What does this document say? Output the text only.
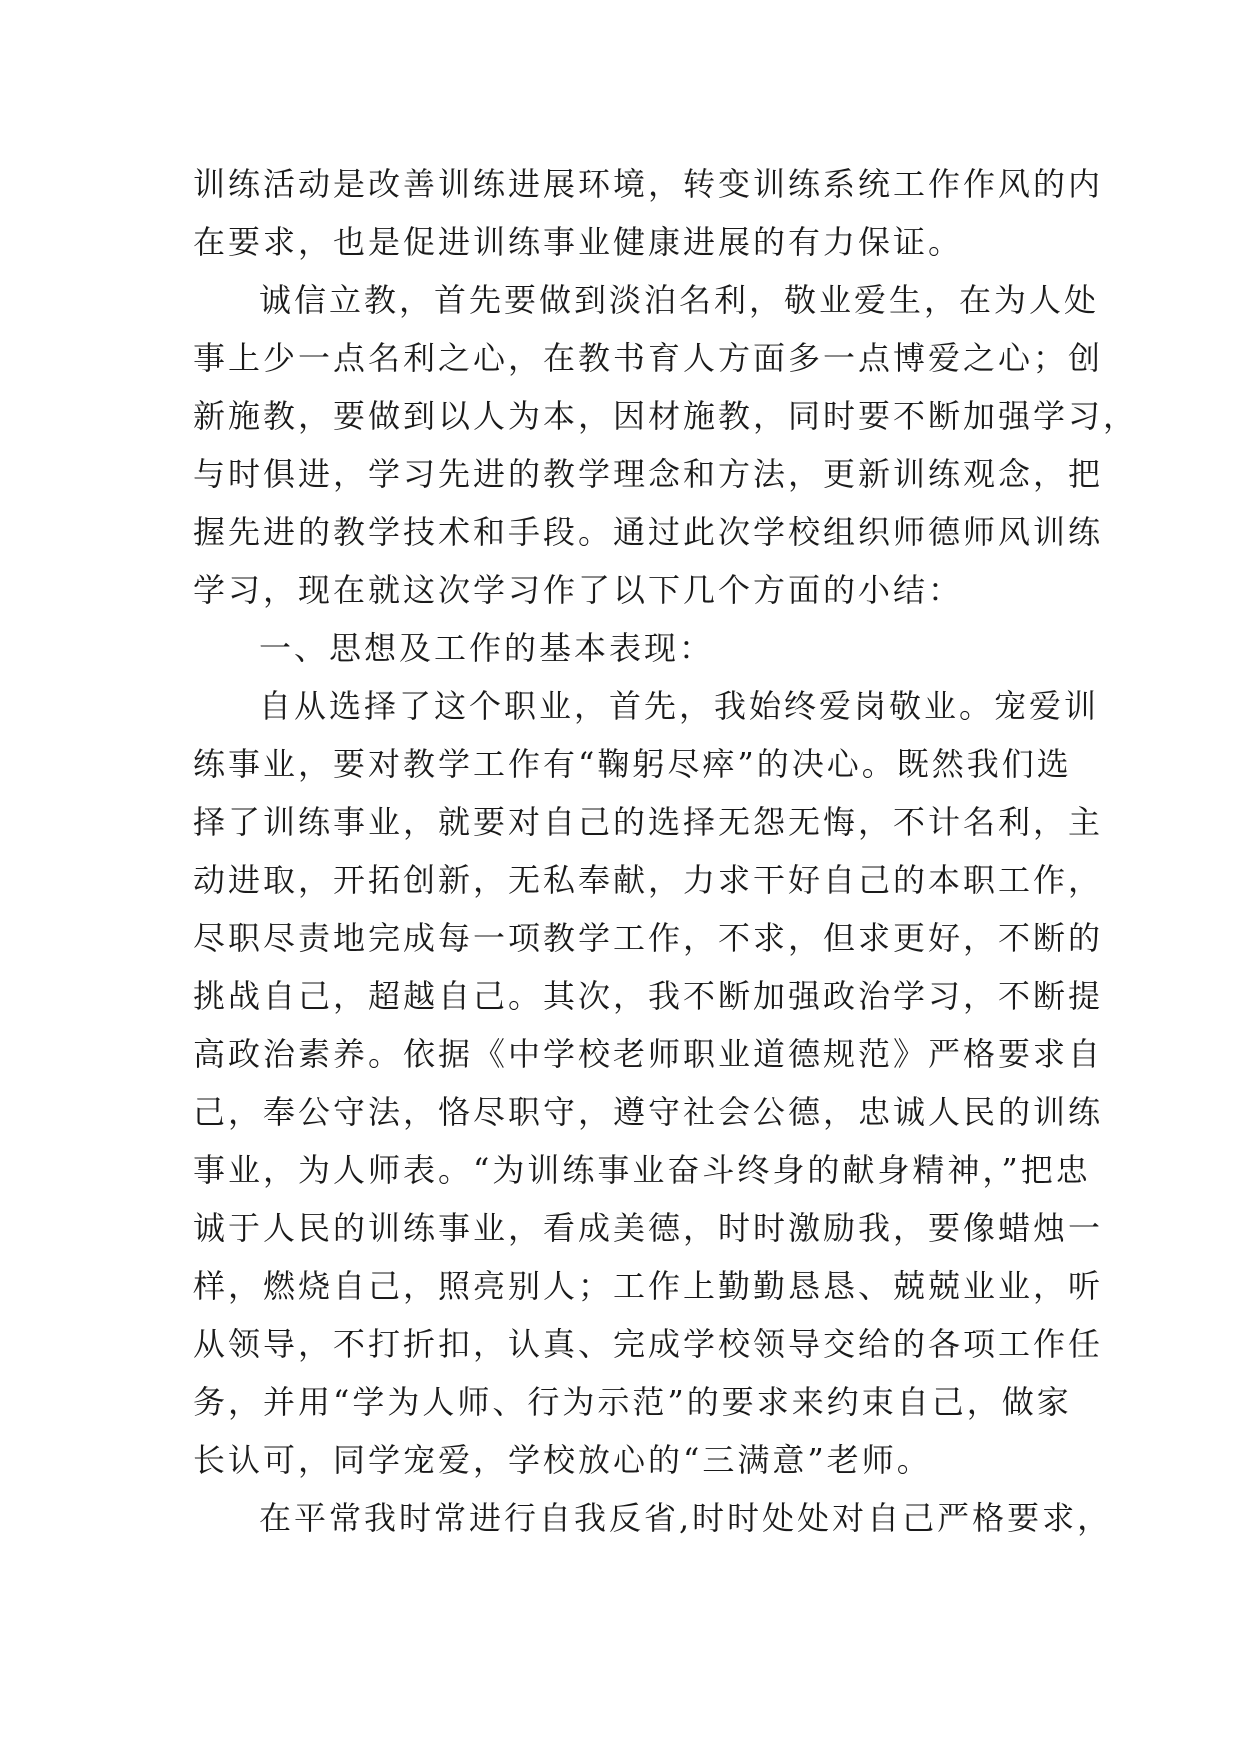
训练活动是改善训练进展环境，转变训练系统工作作风的内
在要求，也是促进训练事业健康进展的有力保证。
诚信立教，首先要做到淡泊名利，敬业爱生，在为人处
事上少一点名利之心，在教书育人方面多一点博爱之心；创
新施教，要做到以人为本，因材施教，同时要不断加强学习，
与时俱进，学习先进的教学理念和方法，更新训练观念，把
握先进的教学技术和手段。通过此次学校组织师德师风训练
学习，现在就这次学习作了以下几个方面的小结：
一、思想及工作的基本表现：
自从选择了这个职业，首先，我始终爱岗敬业。宠爱训
练事业，要对教学工作有“鞠躬尽瘁”的决心。既然我们选
择了训练事业，就要对自己的选择无怨无悔，不计名利，主
动进取，开拓创新，无私奉献，力求干好自己的本职工作，
尽职尽责地完成每一项教学工作，不求，但求更好，不断的
挑战自己，超越自己。其次，我不断加强政治学习，不断提
高政治素养。依据《中学校老师职业道德规范》严格要求自
己，奉公守法，恪尽职守，遵守社会公德，忠诚人民的训练
事业，为人师表。“为训练事业奋斗终身的献身精神，”把忠
诚于人民的训练事业，看成美德，时时激励我，要像蜡烛一
样，燃烧自己，照亮别人；工作上勤勤恳恳、兢兢业业，听
从领导，不打折扣，认真、完成学校领导交给的各项工作任
务，并用“学为人师、行为示范”的要求来约束自己，做家
长认可，同学宠爱，学校放心的“三满意”老师。
在平常我时常进行自我反省,时时处处对自己严格要求，
